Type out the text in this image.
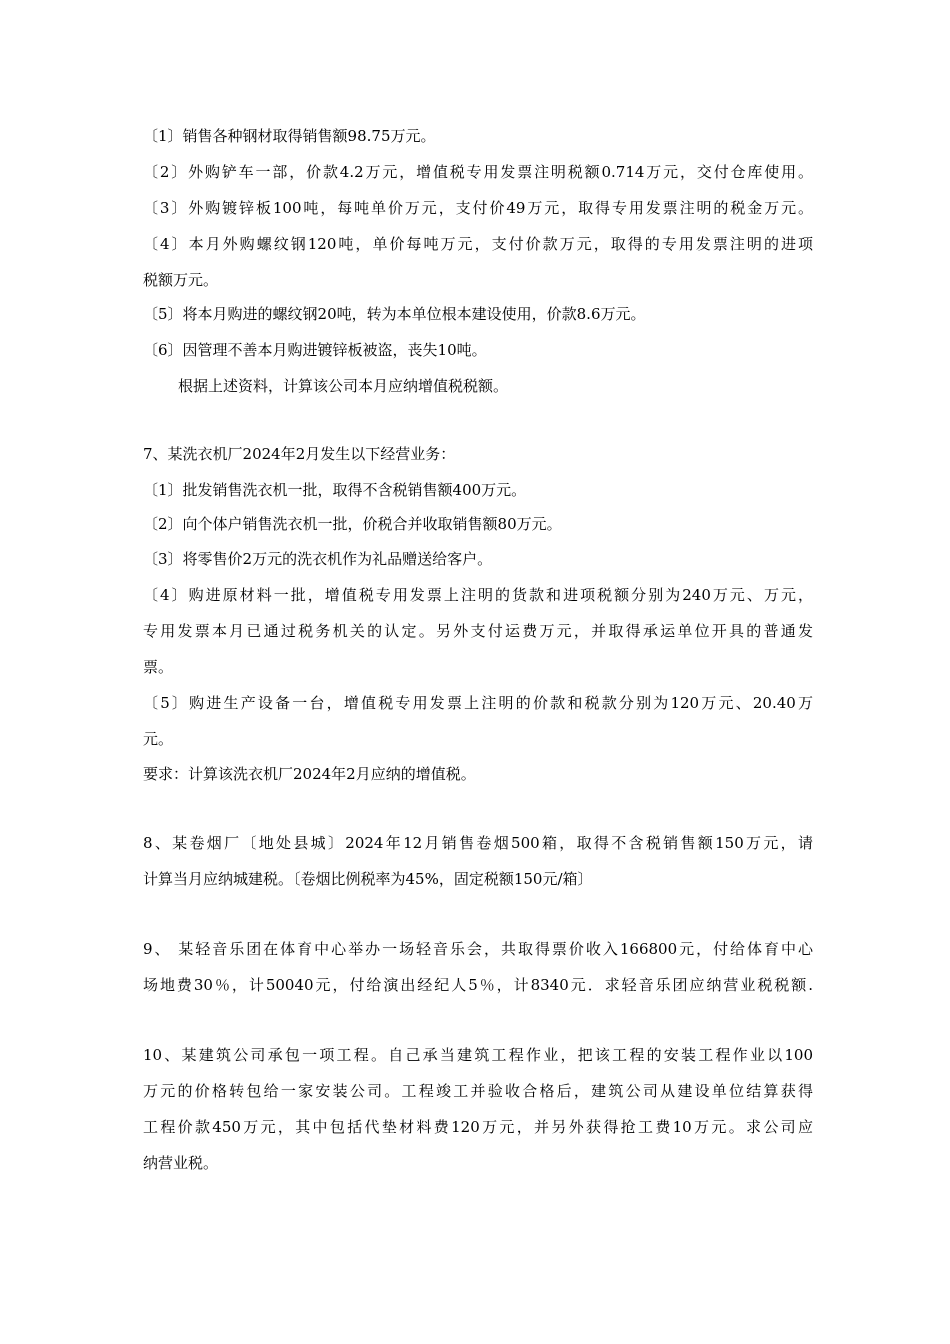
〔1〕销售各种钢材取得销售额98.75万元。
〔2〕外购铲车一部，价款4.2万元，增值税专用发票注明税额0.714万元，交付仓库使用。
〔3〕外购镀锌板100吨，每吨单价万元，支付价49万元，取得专用发票注明的税金万元。
〔4〕本月外购螺纹钢120吨，单价每吨万元，支付价款万元，取得的专用发票注明的进项
税额万元。
〔5〕将本月购进的螺纹钢20吨，转为本单位根本建设使用，价款8.6万元。
〔6〕因管理不善本月购进镀锌板被盗，丧失10吨。
根据上述资料，计算该公司本月应纳增值税税额。
7、某洗衣机厂2024年2月发生以下经营业务：
〔1〕批发销售洗衣机一批，取得不含税销售额400万元。
〔2〕向个体户销售洗衣机一批，价税合并收取销售额80万元。
〔3〕将零售价2万元的洗衣机作为礼品赠送给客户。
〔4〕购进原材料一批，增值税专用发票上注明的货款和进项税额分别为240万元、万元，
专用发票本月已通过税务机关的认定。另外支付运费万元，并取得承运单位开具的普通发
票。
〔5〕购进生产设备一台，增值税专用发票上注明的价款和税款分别为120万元、20.40万
元。
要求：计算该洗衣机厂2024年2月应纳的增值税。
8、某卷烟厂〔地处县城〕2024年12月销售卷烟500箱，取得不含税销售额150万元，请
计算当月应纳城建税。〔卷烟比例税率为45%，固定税额150元/箱〕
9、 某轻音乐团在体育中心举办一场轻音乐会，共取得票价收入166800元，付给体育中心
场地费30％，计50040元，付给演出经纪人5％，计8340元．求轻音乐团应纳营业税税额.
10、某建筑公司承包一项工程。自己承当建筑工程作业，把该工程的安装工程作业以100
万元的价格转包给一家安装公司。工程竣工并验收合格后，建筑公司从建设单位结算获得
工程价款450万元，其中包括代垫材料费120万元，并另外获得抢工费10万元。求公司应
纳营业税。
